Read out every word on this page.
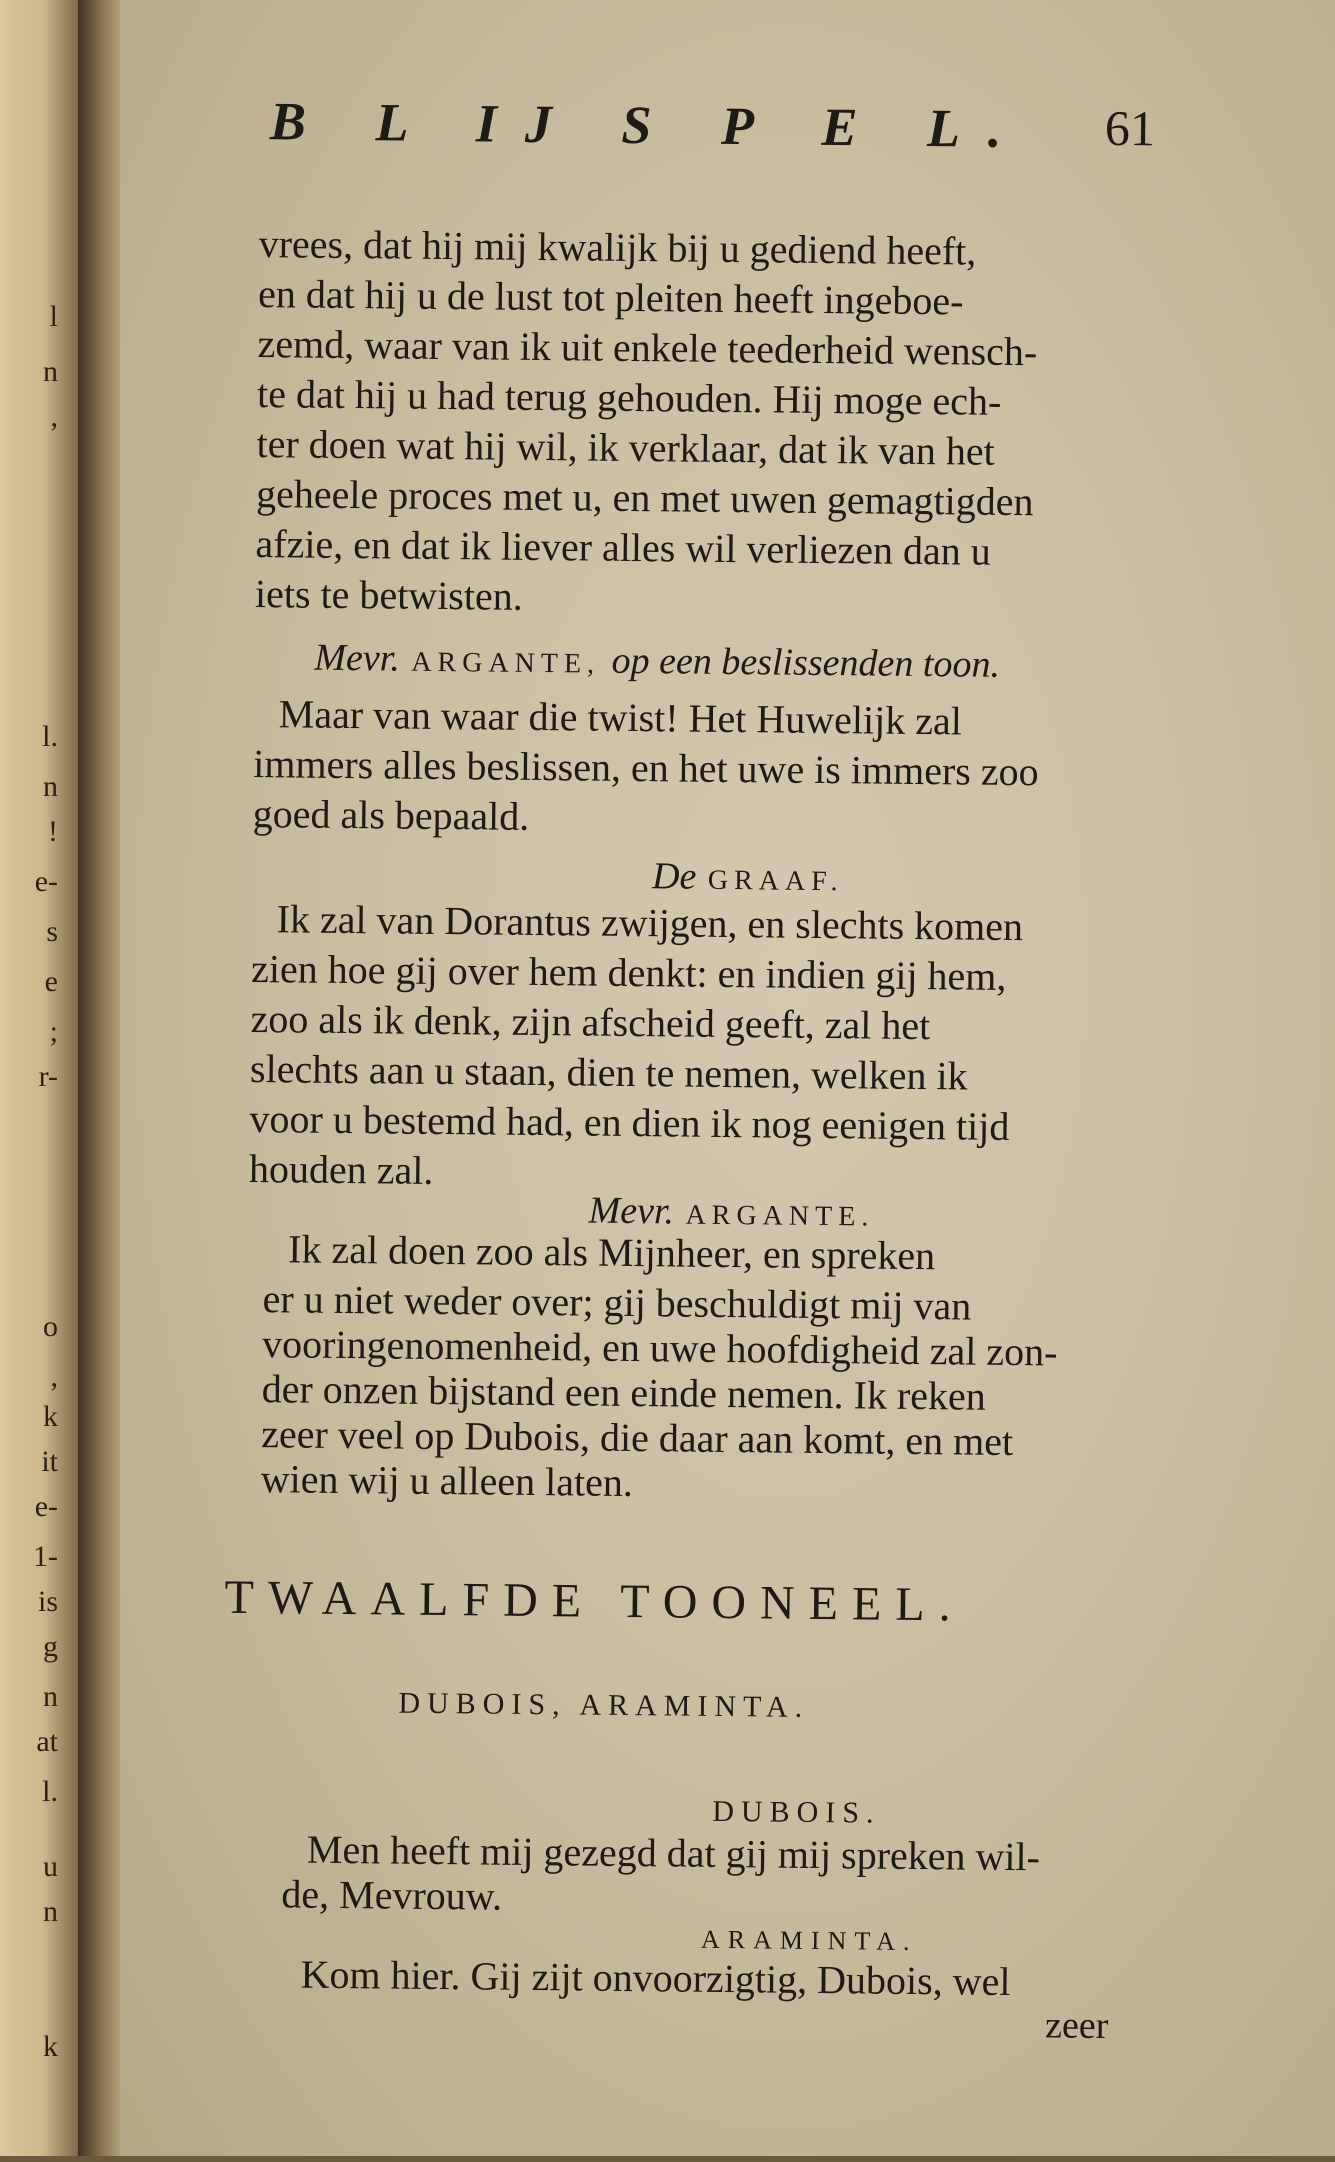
l
n
,
l.
n
!
e-
s
e
;
r-
o
,
k
it
e-
1-
is
g
n
at
l.
u
n
k
B L IJ S P E L.	61
vrees, dat hij mij kwalijk bij u gediend heeft,
en dat hij u de lust tot pleiten heeft ingeboe-
zemd, waar van ik uit enkele teederheid wensch-
te dat hij u had terug gehouden. Hij moge ech-
ter doen wat hij wil, ik verklaar, dat ik van het
geheele proces met u, en met uwen gemagtigden
afzie, en dat ik liever alles wil verliezen dan u
iets te betwisten.
Mevr. ARGANTE, op een beslissenden toon.
Maar van waar die twist! Het Huwelijk zal
immers alles beslissen, en het uwe is immers zoo
goed als bepaald.
De GRAAF.
Ik zal van Dorantus zwijgen, en slechts komen
zien hoe gij over hem denkt: en indien gij hem,
zoo als ik denk, zijn afscheid geeft, zal het
slechts aan u staan, dien te nemen, welken ik
voor u bestemd had, en dien ik nog eenigen tijd
houden zal.
Mevr. ARGANTE.
Ik zal doen zoo als Mijnheer, en spreken
er u niet weder over; gij beschuldigt mij van
vooringenomenheid, en uwe hoofdigheid zal zon-
der onzen bijstand een einde nemen. Ik reken
zeer veel op Dubois, die daar aan komt, en met
wien wij u alleen laten.
TWAALFDE TOONEEL.
DUBOIS, ARAMINTA.
DUBOIS.
Men heeft mij gezegd dat gij mij spreken wil-
de, Mevrouw.
ARAMINTA.
Kom hier. Gij zijt onvoorzigtig, Dubois, wel
zeer
